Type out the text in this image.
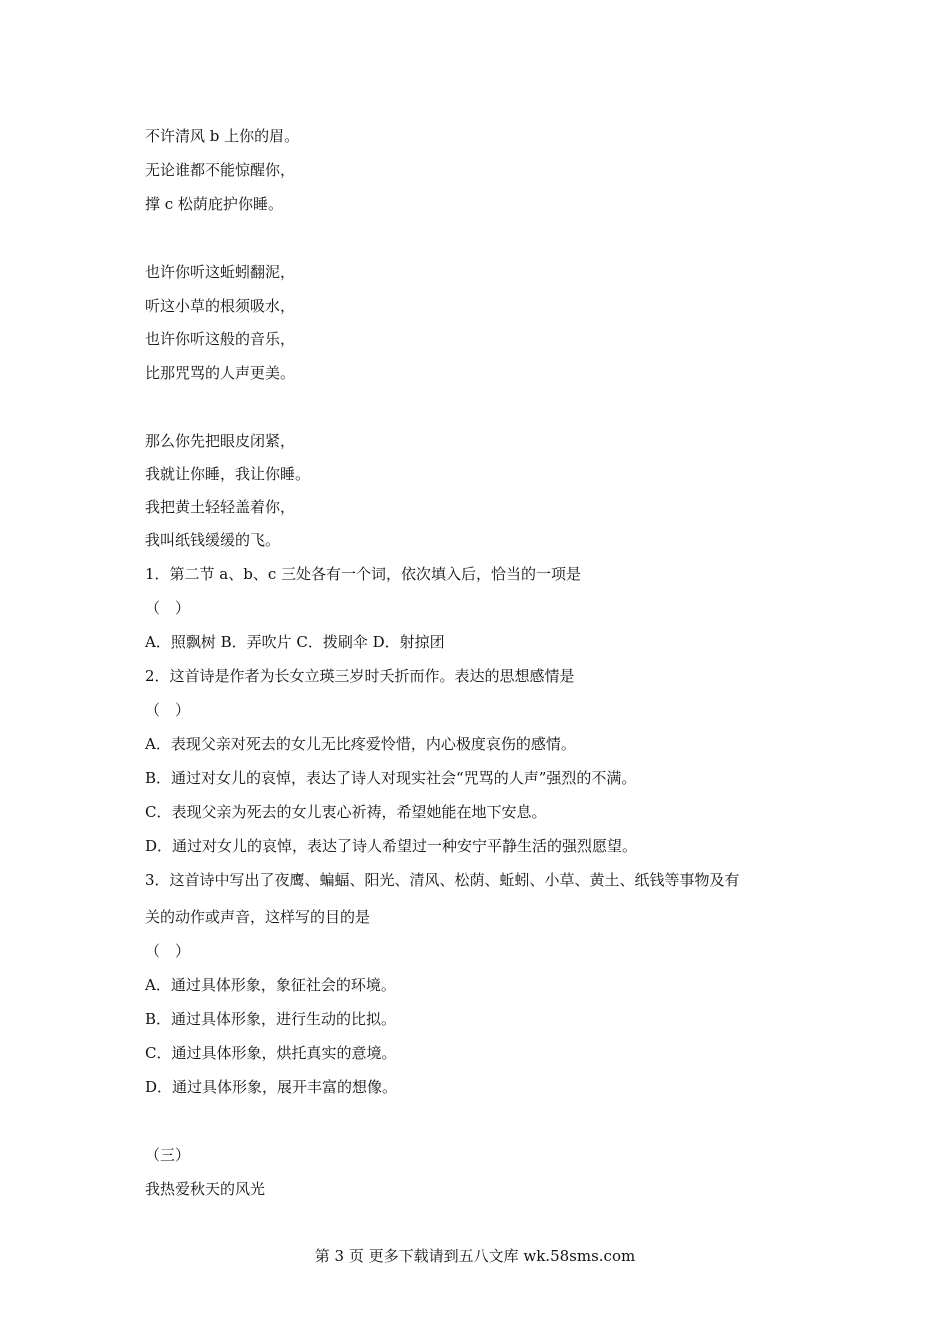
不许清风 b 上你的眉。
无论谁都不能惊醒你，
撑 c 松荫庇护你睡。
也许你听这蚯蚓翻泥，
听这小草的根须吸水，
也许你听这般的音乐，
比那咒骂的人声更美。
那么你先把眼皮闭紧，
我就让你睡，我让你睡。
我把黄土轻轻盖着你，
我叫纸钱缓缓的飞。
1．第二节 a、b、c 三处各有一个词，依次填入后，恰当的一项是
（　）
A．照飘树 B．弄吹片 C．拨刷伞 D．射掠团
2．这首诗是作者为长女立瑛三岁时夭折而作。表达的思想感情是
（　）
A．表现父亲对死去的女儿无比疼爱怜惜，内心极度哀伤的感情。
B．通过对女儿的哀悼，表达了诗人对现实社会“咒骂的人声”强烈的不满。
C．表现父亲为死去的女儿衷心祈祷，希望她能在地下安息。
D．通过对女儿的哀悼，表达了诗人希望过一种安宁平静生活的强烈愿望。
3．这首诗中写出了夜鹰、蝙蝠、阳光、清风、松荫、蚯蚓、小草、黄土、纸钱等事物及有
关的动作或声音，这样写的目的是
（　）
A．通过具体形象，象征社会的环境。
B．通过具体形象，进行生动的比拟。
C．通过具体形象，烘托真实的意境。
D．通过具体形象，展开丰富的想像。
（三）
我热爱秋天的风光
第 3 页 更多下载请到五八文库 wk.58sms.com
